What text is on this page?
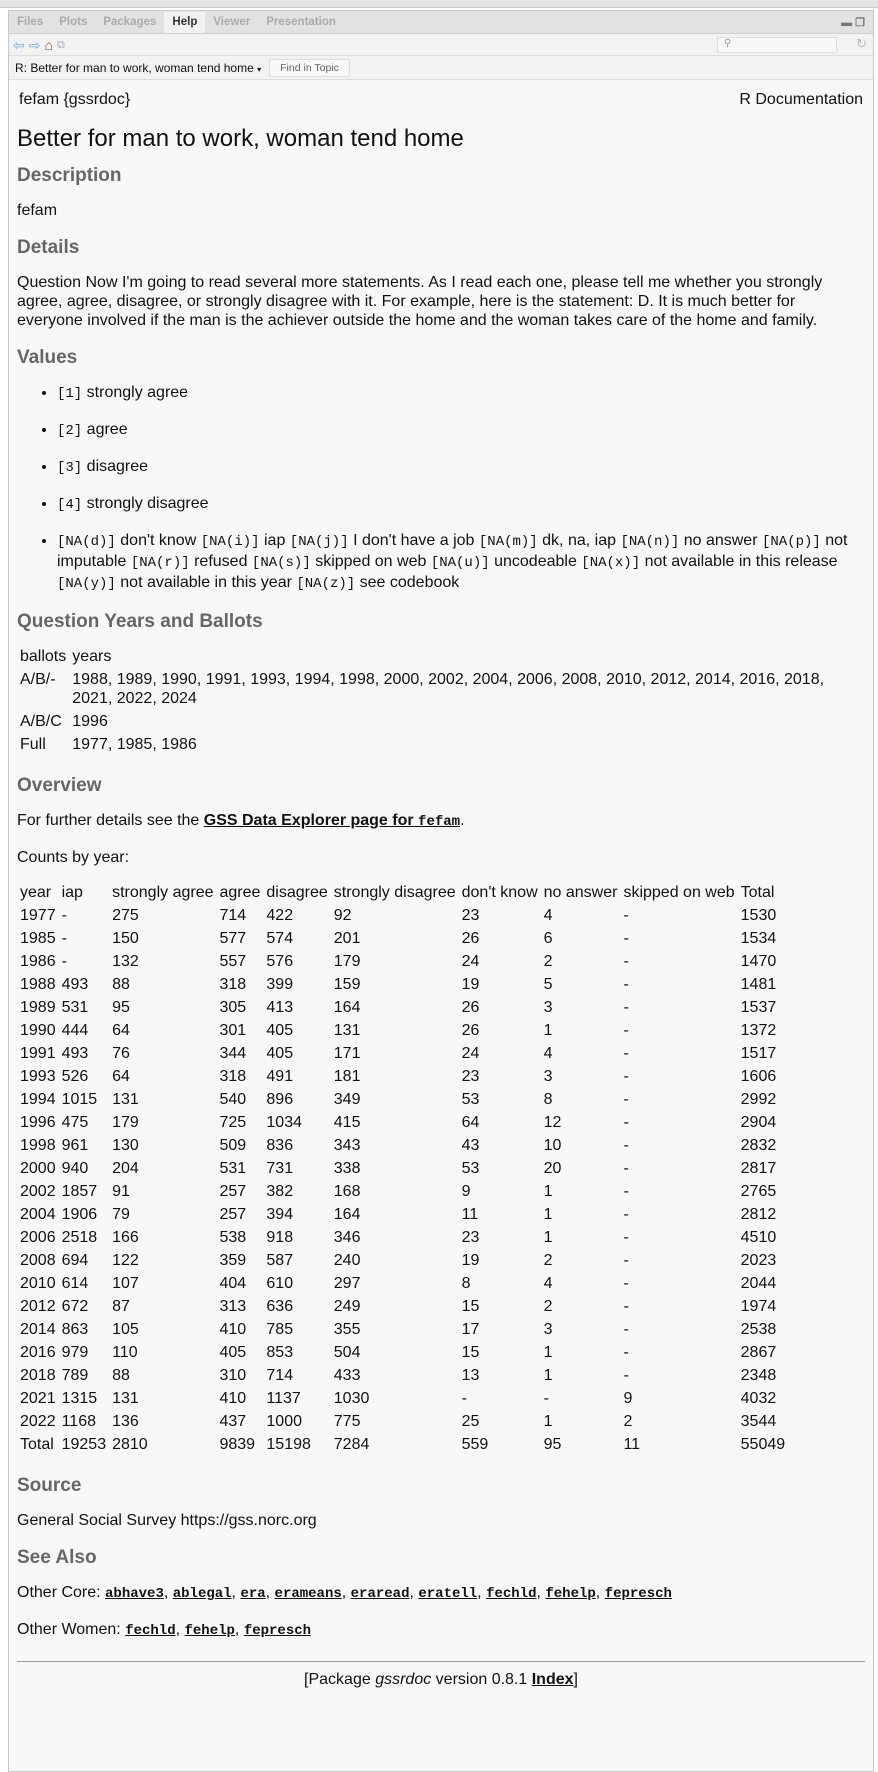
▬ ❐
Files	Plots	Packages	Help	Viewer	Presentation
⇦ ⇨ ⌂ ⧉	⚲	↻
R: Better for man to work, woman tend home ▾	Find in Topic
fefam {gssrdoc}	R Documentation
Better for man to work, woman tend home
Description

fefam

Details

Question Now I'm going to read several more statements. As I read each one, please tell me whether you strongly agree, agree, disagree, or strongly disagree with it. For example, here is the statement: D. It is much better for everyone involved if the man is the achiever outside the home and the woman takes care of the home and family.

Values
• [1] strongly agree
• [2] agree
• [3] disagree
• [4] strongly disagree
• [NA(d)] don't know [NA(i)] iap [NA(j)] I don't have a job [NA(m)] dk, na, iap [NA(n)] no answer [NA(p)] not imputable [NA(r)] refused [NA(s)] skipped on web [NA(u)] uncodeable [NA(x)] not available in this release [NA(y)] not available in this year [NA(z)] see codebook
Question Years and Ballots
ballots	years
A/B/-	1988, 1989, 1990, 1991, 1993, 1994, 1998, 2000, 2002, 2004, 2006, 2008, 2010, 2012, 2014, 2016, 2018, 2021, 2022, 2024
A/B/C	1996
Full	1977, 1985, 1986
Overview

For further details see the GSS Data Explorer page for fefam.

Counts by year:

year	iap	strongly agree	agree	disagree	strongly disagree	don't know	no answer	skipped on web	Total
1977	-	275	714	422	92	23	4	-	1530
1985	-	150	577	574	201	26	6	-	1534
1986	-	132	557	576	179	24	2	-	1470
1988	493	88	318	399	159	19	5	-	1481
1989	531	95	305	413	164	26	3	-	1537
1990	444	64	301	405	131	26	1	-	1372
1991	493	76	344	405	171	24	4	-	1517
1993	526	64	318	491	181	23	3	-	1606
1994	1015	131	540	896	349	53	8	-	2992
1996	475	179	725	1034	415	64	12	-	2904
1998	961	130	509	836	343	43	10	-	2832
2000	940	204	531	731	338	53	20	-	2817
2002	1857	91	257	382	168	9	1	-	2765
2004	1906	79	257	394	164	11	1	-	2812
2006	2518	166	538	918	346	23	1	-	4510
2008	694	122	359	587	240	19	2	-	2023
2010	614	107	404	610	297	8	4	-	2044
2012	672	87	313	636	249	15	2	-	1974
2014	863	105	410	785	355	17	3	-	2538
2016	979	110	405	853	504	15	1	-	2867
2018	789	88	310	714	433	13	1	-	2348
2021	1315	131	410	1137	1030	-	-	9	4032
2022	1168	136	437	1000	775	25	1	2	3544
Total	19253	2810	9839	15198	7284	559	95	11	55049
Source

General Social Survey https://gss.norc.org

See Also

Other Core: abhave3, ablegal, era, erameans, eraread, eratell, fechld, fehelp, fepresch

Other Women: fechld, fehelp, fepresch

[Package gssrdoc version 0.8.1 Index]
